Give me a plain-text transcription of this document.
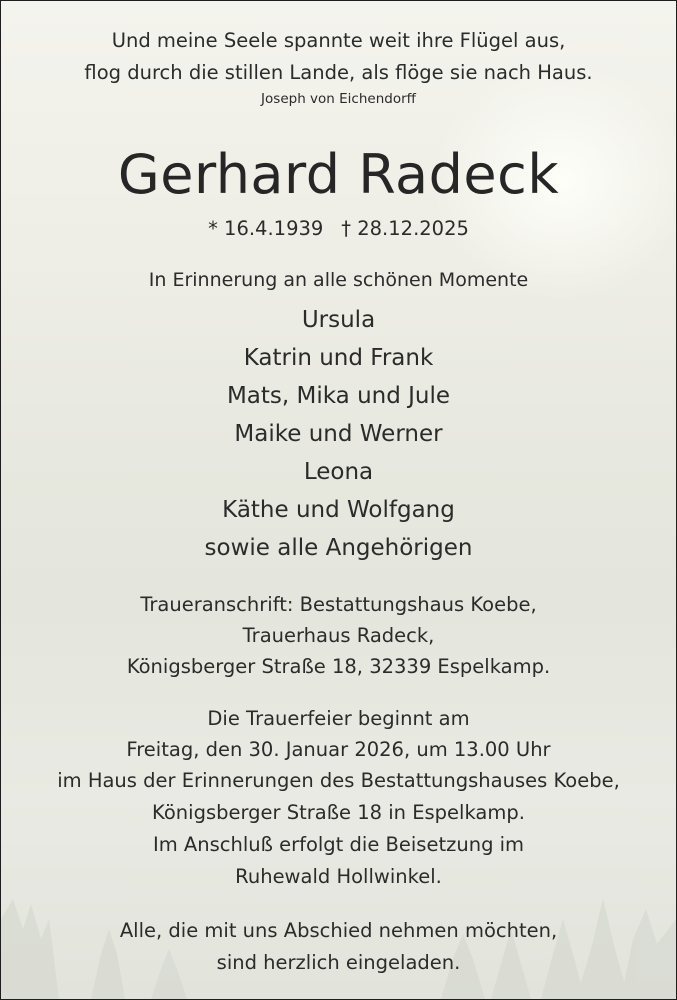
Und meine Seele spannte weit ihre Flügel aus,
flog durch die stillen Lande, als flöge sie nach Haus.
Joseph von Eichendorff
Gerhard Radeck
* 16.4.1939 † 28.12.2025
In Erinnerung an alle schönen Momente
Ursula
Katrin und Frank
Mats, Mika und Jule
Maike und Werner
Leona
Käthe und Wolfgang
sowie alle Angehörigen
Traueranschrift: Bestattungshaus Koebe,
Trauerhaus Radeck,
Königsberger Straße 18, 32339 Espelkamp.
Die Trauerfeier beginnt am
Freitag, den 30. Januar 2026, um 13.00 Uhr
im Haus der Erinnerungen des Bestattungshauses Koebe,
Königsberger Straße 18 in Espelkamp.
Im Anschluß erfolgt die Beisetzung im
Ruhewald Hollwinkel.
Alle, die mit uns Abschied nehmen möchten,
sind herzlich eingeladen.
